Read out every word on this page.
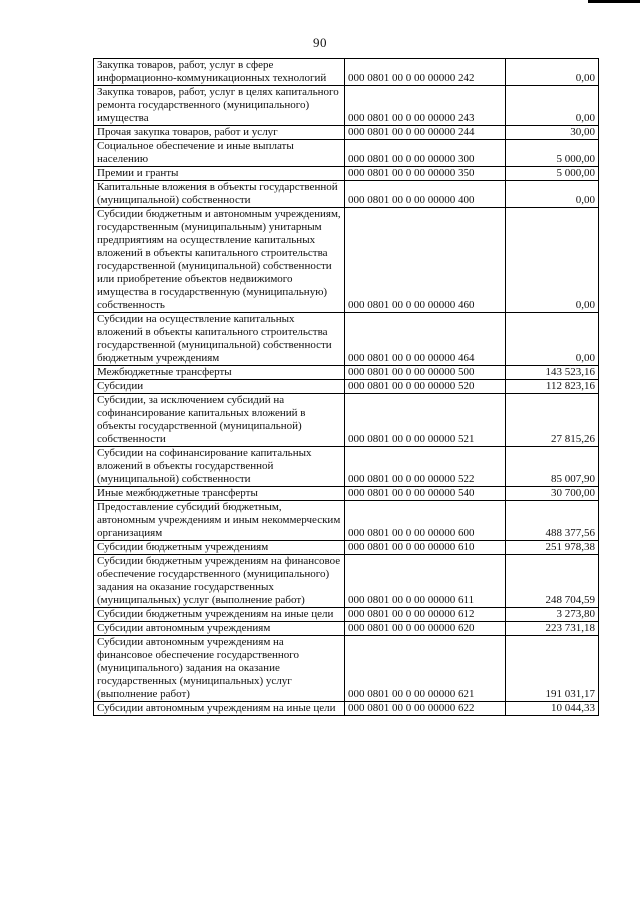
90
Закупка товаров, работ, услуг в сфере информационно-коммуникационных технологий	000 0801 00 0 00 00000 242	0,00
Закупка товаров, работ, услуг в целях капитального ремонта государственного (муниципального) имущества	000 0801 00 0 00 00000 243	0,00
Прочая закупка товаров, работ и услуг	000 0801 00 0 00 00000 244	30,00
Социальное обеспечение и иные выплаты населению	000 0801 00 0 00 00000 300	5 000,00
Премии и гранты	000 0801 00 0 00 00000 350	5 000,00
Капитальные вложения в объекты государственной (муниципальной) собственности	000 0801 00 0 00 00000 400	0,00
Субсидии бюджетным и автономным учреждениям, государственным (муниципальным) унитарным предприятиям на осуществление капитальных вложений в объекты капитального строительства государственной (муниципальной) собственности или приобретение объектов недвижимого имущества в государственную (муниципальную) собственность	000 0801 00 0 00 00000 460	0,00
Субсидии на осуществление капитальных вложений в объекты капитального строительства государственной (муниципальной) собственности бюджетным учреждениям	000 0801 00 0 00 00000 464	0,00
Межбюджетные трансферты	000 0801 00 0 00 00000 500	143 523,16
Субсидии	000 0801 00 0 00 00000 520	112 823,16
Субсидии, за исключением субсидий на софинансирование капитальных вложений в объекты государственной (муниципальной) собственности	000 0801 00 0 00 00000 521	27 815,26
Субсидии на софинансирование капитальных вложений в объекты государственной (муниципальной) собственности	000 0801 00 0 00 00000 522	85 007,90
Иные межбюджетные трансферты	000 0801 00 0 00 00000 540	30 700,00
Предоставление субсидий бюджетным, автономным учреждениям и иным некоммерческим организациям	000 0801 00 0 00 00000 600	488 377,56
Субсидии бюджетным учреждениям	000 0801 00 0 00 00000 610	251 978,38
Субсидии бюджетным учреждениям на финансовое обеспечение государственного (муниципального) задания на оказание государственных (муниципальных) услуг (выполнение работ)	000 0801 00 0 00 00000 611	248 704,59
Субсидии бюджетным учреждениям на иные цели	000 0801 00 0 00 00000 612	3 273,80
Субсидии автономным учреждениям	000 0801 00 0 00 00000 620	223 731,18
Субсидии автономным учреждениям на финансовое обеспечение государственного (муниципального) задания на оказание государственных (муниципальных) услуг (выполнение работ)	000 0801 00 0 00 00000 621	191 031,17
Субсидии автономным учреждениям на иные цели	000 0801 00 0 00 00000 622	10 044,33
